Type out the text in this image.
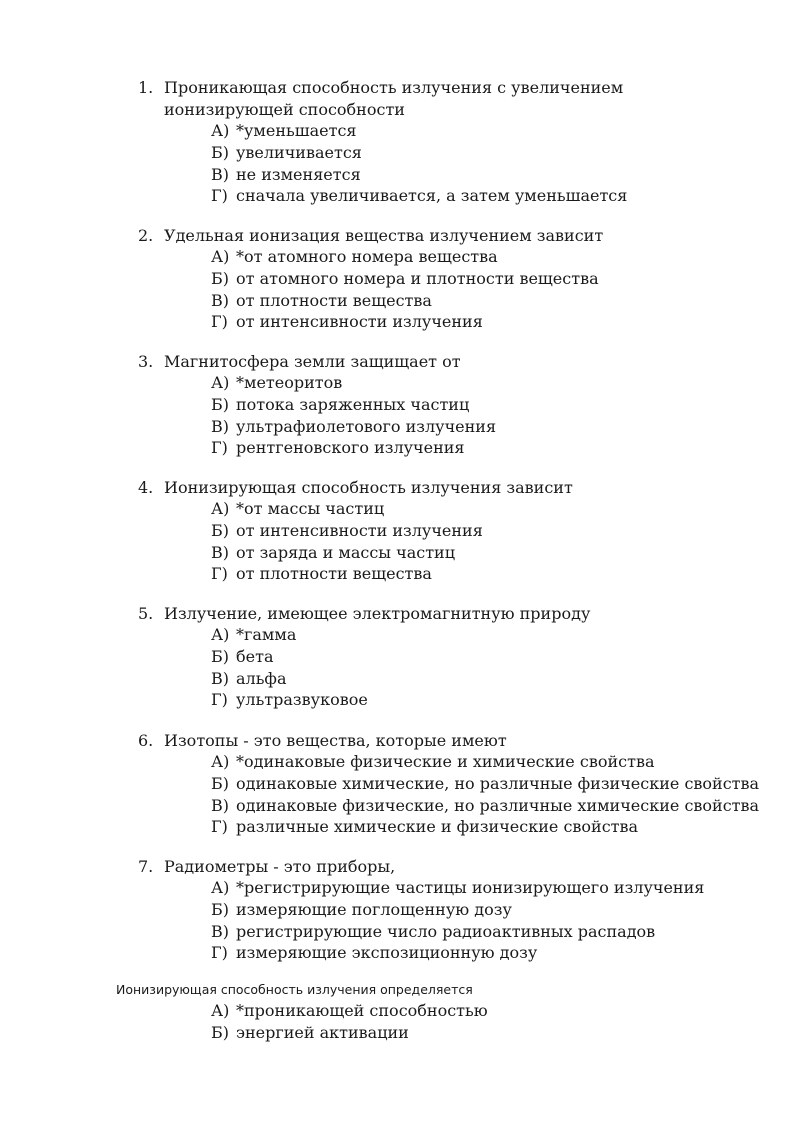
1. Проникающая способность излучения с увеличением ионизирующей способности
А) *уменьшается
Б) увеличивается
В) не изменяется
Г) сначала увеличивается, а затем уменьшается
2. Удельная ионизация вещества излучением зависит
А) *от атомного номера вещества
Б) от атомного номера и плотности вещества
В) от плотности вещества
Г) от интенсивности излучения
3. Магнитосфера земли защищает от
А) *метеоритов
Б) потока заряженных частиц
В) ультрафиолетового излучения
Г) рентгеновского излучения
4. Ионизирующая способность излучения зависит
А) *от массы частиц
Б) от интенсивности излучения
В) от заряда и массы частиц
Г) от плотности вещества
5. Излучение, имеющее электромагнитную природу
А) *гамма
Б) бета
В) альфа
Г) ультразвуковое
6. Изотопы - это вещества, которые имеют
А) *одинаковые физические и химические свойства
Б) одинаковые химические, но различные физические свойства
В) одинаковые физические, но различные химические свойства
Г) различные химические и физические свойства
7. Радиометры - это приборы,
А) *регистрирующие частицы ионизирующего излучения
Б) измеряющие поглощенную дозу
В) регистрирующие число радиоактивных распадов
Г) измеряющие экспозиционную дозу
Ионизирующая способность излучения определяется
А) *проникающей способностью
Б) энергией активации
